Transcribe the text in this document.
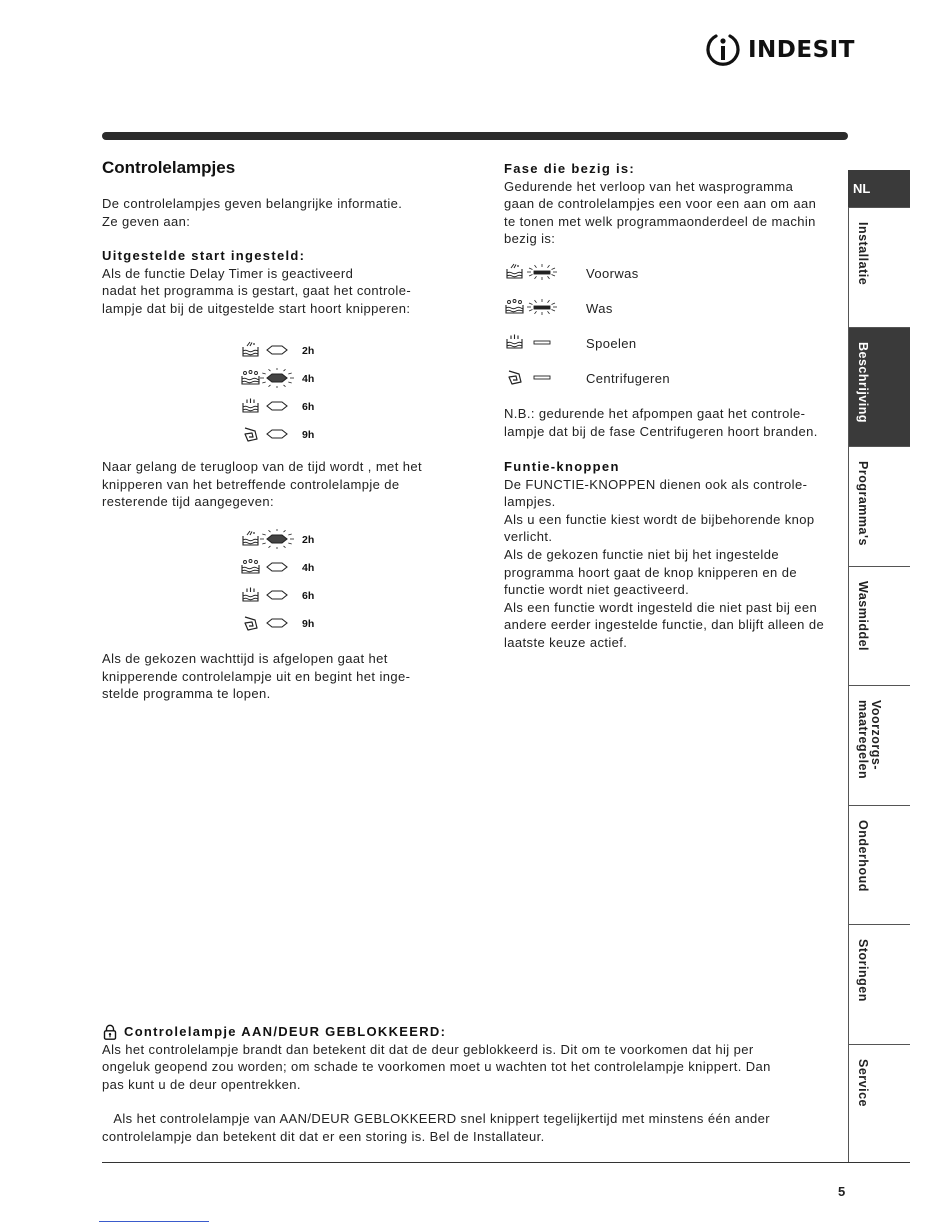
INDESIT
Controlelampjes
De controlelampjes geven belangrijke informatie.
Ze geven aan:
Uitgestelde start ingesteld:
Als de functie Delay Timer is geactiveerd
nadat het programma is gestart, gaat het controle-
lampje dat bij de uitgestelde start hoort knipperen:
2h
4h
6h
9h
Naar gelang de terugloop van de tijd wordt , met het
knipperen van het betreffende controlelampje de
resterende tijd aangegeven:
2h
4h
6h
9h
Als de gekozen wachttijd is afgelopen gaat het
knipperende controlelampje uit en begint het inge-
stelde programma te lopen.
Fase die bezig is:
Gedurende het verloop van het wasprogramma
gaan de controlelampjes een voor een aan om aan
te tonen met welk programmaonderdeel de machin
bezig is:
Voorwas
Was
Spoelen
Centrifugeren
N.B.: gedurende het afpompen gaat het controle-
lampje dat bij de fase Centrifugeren hoort branden.
Funtie-knoppen
De FUNCTIE-KNOPPEN dienen ook als controle-
lampjes.
Als u een functie kiest wordt de bijbehorende knop
verlicht.
Als de gekozen functie niet bij het ingestelde
programma hoort gaat de knop knipperen en de
functie wordt niet geactiveerd.
Als een functie wordt ingesteld die niet past bij een
andere eerder ingestelde functie, dan blijft alleen de
laatste keuze actief.
Controlelampje AAN/DEUR GEBLOKKEERD:
Als het controlelampje brandt dan betekent dit dat de deur geblokkeerd is. Dit om te voorkomen dat hij per
ongeluk geopend zou worden; om schade te voorkomen moet u wachten tot het controlelampje knippert. Dan
pas kunt u de deur opentrekken.
Als het controlelampje van AAN/DEUR GEBLOKKEERD snel knippert tegelijkertijd met minstens één ander
controlelampje dan betekent dit dat er een storing is. Bel de Installateur.
NL
Installatie
Beschrijving
Programma's
Wasmiddel
Voorzorgs- maatregelen
Onderhoud
Storingen
Service
5
